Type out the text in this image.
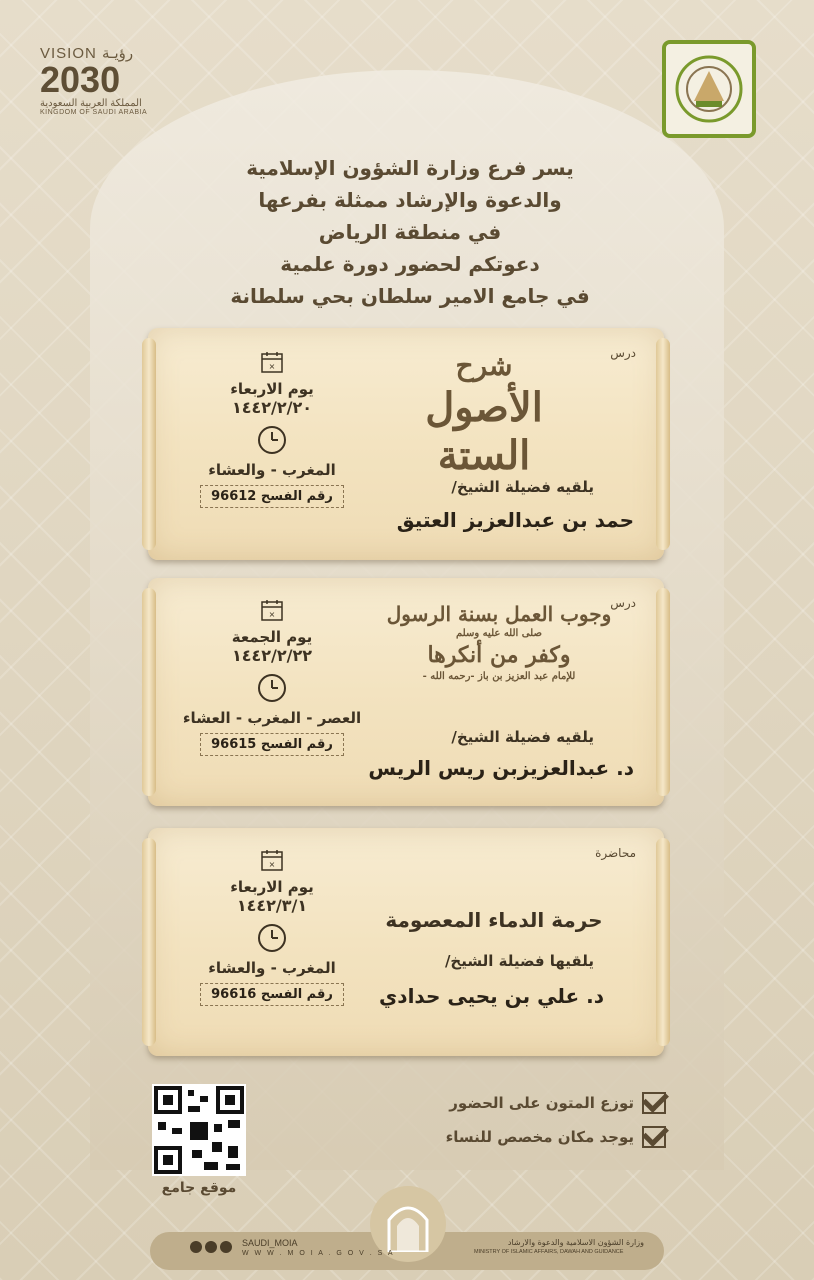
VISION رؤيـة
2030
المملكة العربية السعودية
KINGDOM OF SAUDI ARABIA
يسر فرع وزارة الشؤون الإسلامية
والدعوة والإرشاد ممثلة بفرعها
في منطقة الرياض
دعوتكم لحضور دورة علمية
في جامع الامير سلطان بحي سلطانة
درس
شرح
الأصول الستة
يلقيه فضيلة الشيخ/
حمد بن عبدالعزيز العتيق
×
يوم الاربعاء
١٤٤٢/٢/٢٠
المغرب - والعشاء
رقم الفسح 96612
درس
وجوب العمل بسنة الرسول
صلى الله عليه وسلم
وكفر من أنكرها
للإمام عبد العزيز بن باز -رحمه الله -
يلقيه فضيلة الشيخ/
د. عبدالعزيزبن ريس الريس
×
يوم الجمعة
١٤٤٢/٢/٢٢
العصر - المغرب - العشاء
رقم الفسح 96615
محاضرة
حرمة الدماء المعصومة
يلقيها فضيلة الشيخ/
د. علي بن يحيى حدادي
×
يوم الاربعاء
١٤٤٢/٣/١
المغرب - والعشاء
رقم الفسح 96616
موقع جامع
توزع المتون على الحضور
يوجد مكان مخصص للنساء
SAUDI_MOIA
W W W . M O I A . G O V . S A
وزارة الشؤون الاسلامية والدعوة والارشاد
MINISTRY OF ISLAMIC AFFAIRS, DAWAH AND GUIDANCE
